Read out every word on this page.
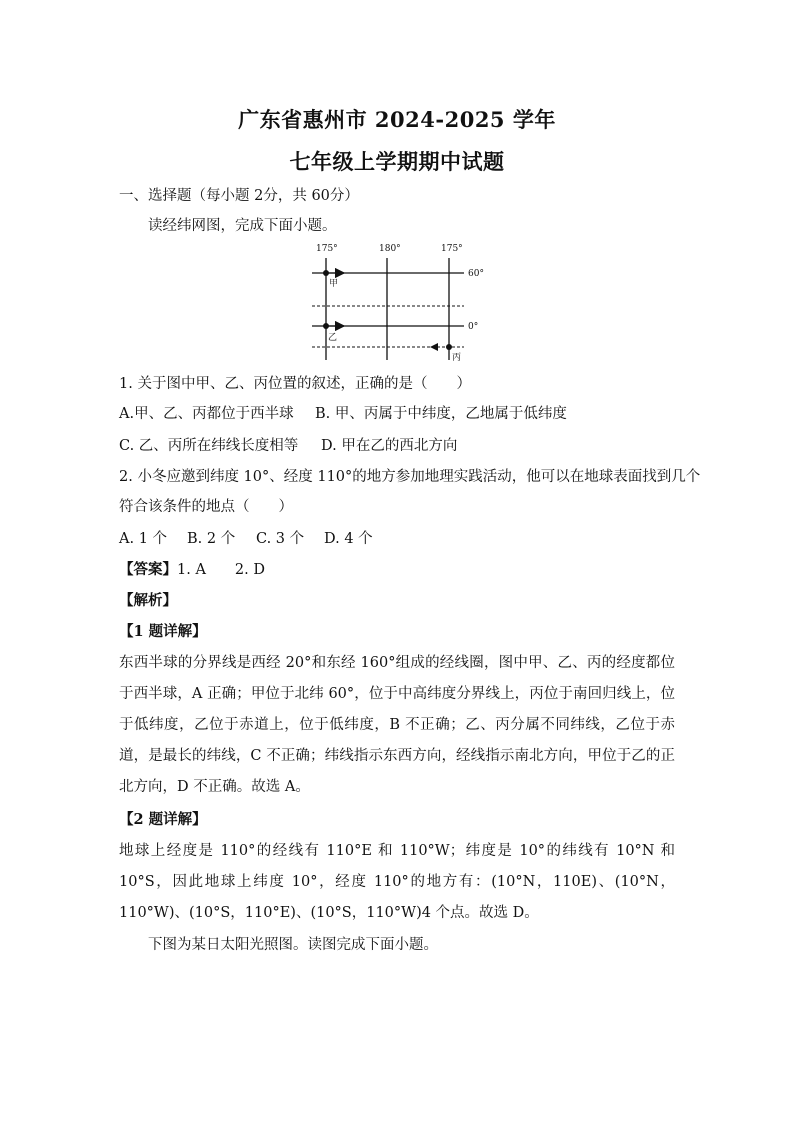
广东省惠州市 2024-2025 学年
七年级上学期期中试题
一、选择题（每小题 2分，共 60分）
读经纬网图，完成下面小题。
175°	180°	175°
60°
0°
甲
乙
丙
1. 关于图中甲、乙、丙位置的叙述，正确的是（　　）
A.甲、乙、丙都位于西半球 B. 甲、丙属于中纬度，乙地属于低纬度
C. 乙、丙所在纬线长度相等 D. 甲在乙的西北方向
2. 小冬应邀到纬度 10°、经度 110°的地方参加地理实践活动，他可以在地球表面找到几个
符合该条件的地点（　　）
A. 1 个 B. 2 个 C. 3 个 D. 4 个
【答案】1. A　　2. D
【解析】
【1 题详解】
东西半球的分界线是西经 20°和东经 160°组成的经线圈，图中甲、乙、丙的经度都位于西半球，A 正确；甲位于北纬 60°，位于中高纬度分界线上，丙位于南回归线上，位于低纬度，乙位于赤道上，位于低纬度，B 不正确；乙、丙分属不同纬线，乙位于赤道，是最长的纬线，C 不正确；纬线指示东西方向，经线指示南北方向，甲位于乙的正北方向，D 不正确。故选 A。
【2 题详解】
地球上经度是 110°的经线有 110°E 和 110°W；纬度是 10°的纬线有 10°N 和 10°S，因此地球上纬度 10°，经度 110°的地方有：(10°N，110E)、(10°N，110°W)、(10°S，110°E)、(10°S，110°W)4 个点。故选 D。
下图为某日太阳光照图。读图完成下面小题。
